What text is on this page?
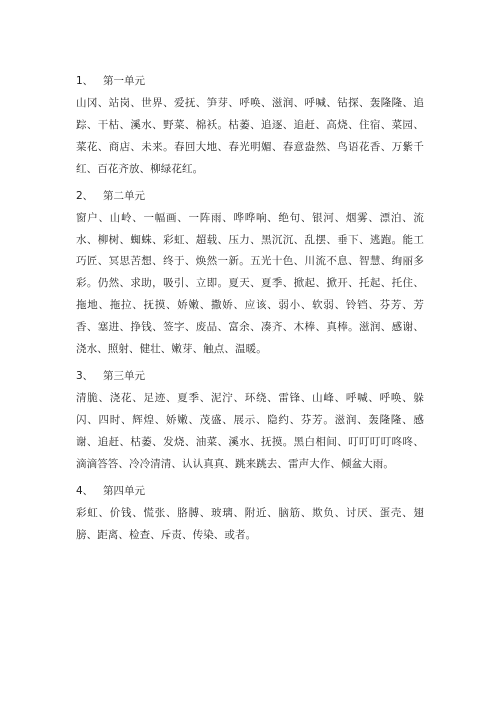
1、 第一单元
山冈、站岗、世界、爱抚、笋芽、呼唤、滋润、呼喊、钻探、轰隆隆、追踪、干枯、溪水、野菜、棉袄。枯萎、追逐、追赶、高烧、住宿、菜园、菜花、商店、未来。春回大地、春光明媚、春意盎然、鸟语花香、万紫千红、百花齐放、柳绿花红。
2、 第二单元
窗户、山岭、一幅画、一阵雨、哗哗响、绝句、银河、烟雾、漂泊、流水、柳树、蜘蛛、彩虹、超载、压力、黑沉沉、乱摆、垂下、逃跑。能工巧匠、冥思苦想、终于、焕然一新。五光十色、川流不息、智慧、绚丽多彩。仍然、求助，吸引、立即。夏天、夏季、掀起、掀开、托起、托住、拖地、拖拉、抚摸、娇嫩、撒娇、应该、弱小、软弱、铃铛、芬芳、芳香、塞进、挣钱、签字、废品、富余、凑齐、木棒、真棒。滋润、感谢、浇水、照射、健壮、嫩芽、触点、温暖。
3、 第三单元
清脆、浇花、足迹、夏季、泥泞、环绕、雷锋、山峰、呼喊、呼唤、躲闪、四时、辉煌、娇嫩、茂盛、展示、隐约、芬芳。滋润、轰隆隆、感谢、追赶、枯萎、发烧、油菜、溪水、抚摸。黑白相间、叮叮叮叮咚咚、滴滴答答、冷冷清清、认认真真、跳来跳去、雷声大作、倾盆大雨。
4、 第四单元
彩虹、价钱、慌张、胳膊、玻璃、附近、脑筋、欺负、讨厌、蛋壳、翅膀、距离、检查、斥责、传染、或者。
